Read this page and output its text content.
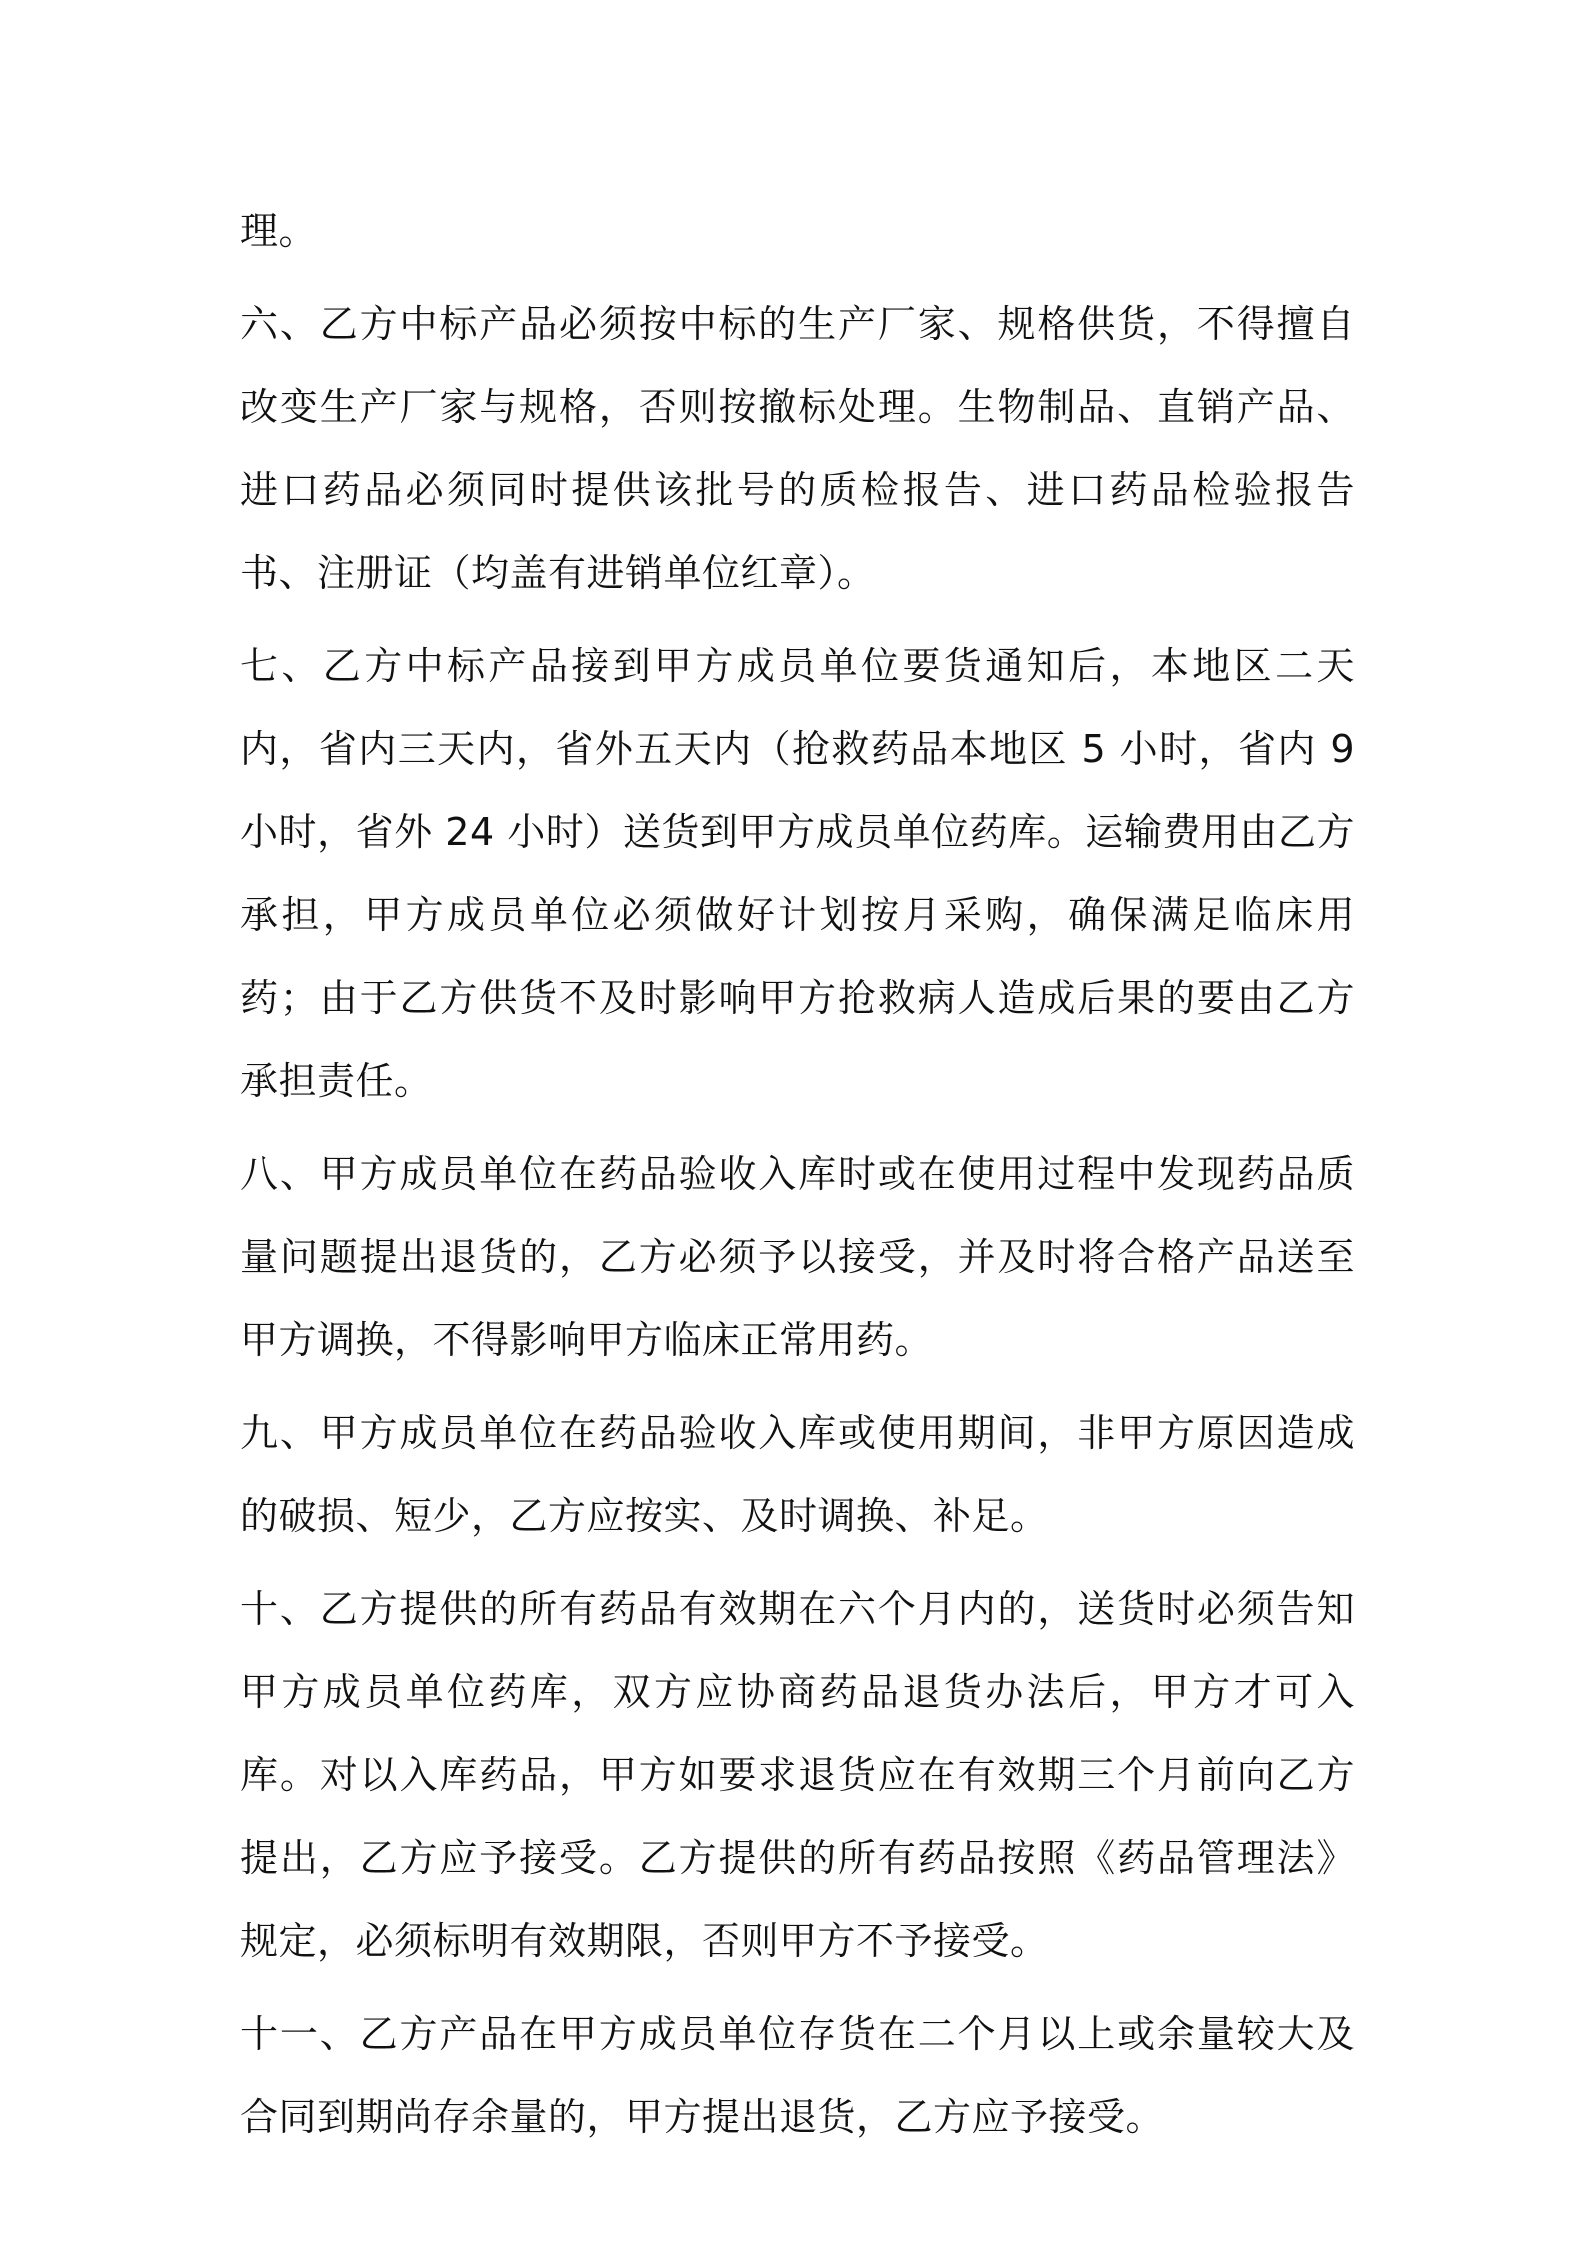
理。

六、乙方中标产品必须按中标的生产厂家、规格供货，不得擅自改变生产厂家与规格，否则按撤标处理。生物制品、直销产品、进口药品必须同时提供该批号的质检报告、进口药品检验报告书、注册证（均盖有进销单位红章）。

七、乙方中标产品接到甲方成员单位要货通知后，本地区二天内，省内三天内，省外五天内（抢救药品本地区 5 小时，省内 9 小时，省外 24 小时）送货到甲方成员单位药库。运输费用由乙方承担，甲方成员单位必须做好计划按月采购，确保满足临床用药；由于乙方供货不及时影响甲方抢救病人造成后果的要由乙方承担责任。

八、甲方成员单位在药品验收入库时或在使用过程中发现药品质量问题提出退货的，乙方必须予以接受，并及时将合格产品送至甲方调换，不得影响甲方临床正常用药。

九、甲方成员单位在药品验收入库或使用期间，非甲方原因造成的破损、短少，乙方应按实、及时调换、补足。

十、乙方提供的所有药品有效期在六个月内的，送货时必须告知甲方成员单位药库，双方应协商药品退货办法后，甲方才可入库。对以入库药品，甲方如要求退货应在有效期三个月前向乙方提出，乙方应予接受。乙方提供的所有药品按照《药品管理法》规定，必须标明有效期限，否则甲方不予接受。

十一、乙方产品在甲方成员单位存货在二个月以上或余量较大及合同到期尚存余量的，甲方提出退货，乙方应予接受。
